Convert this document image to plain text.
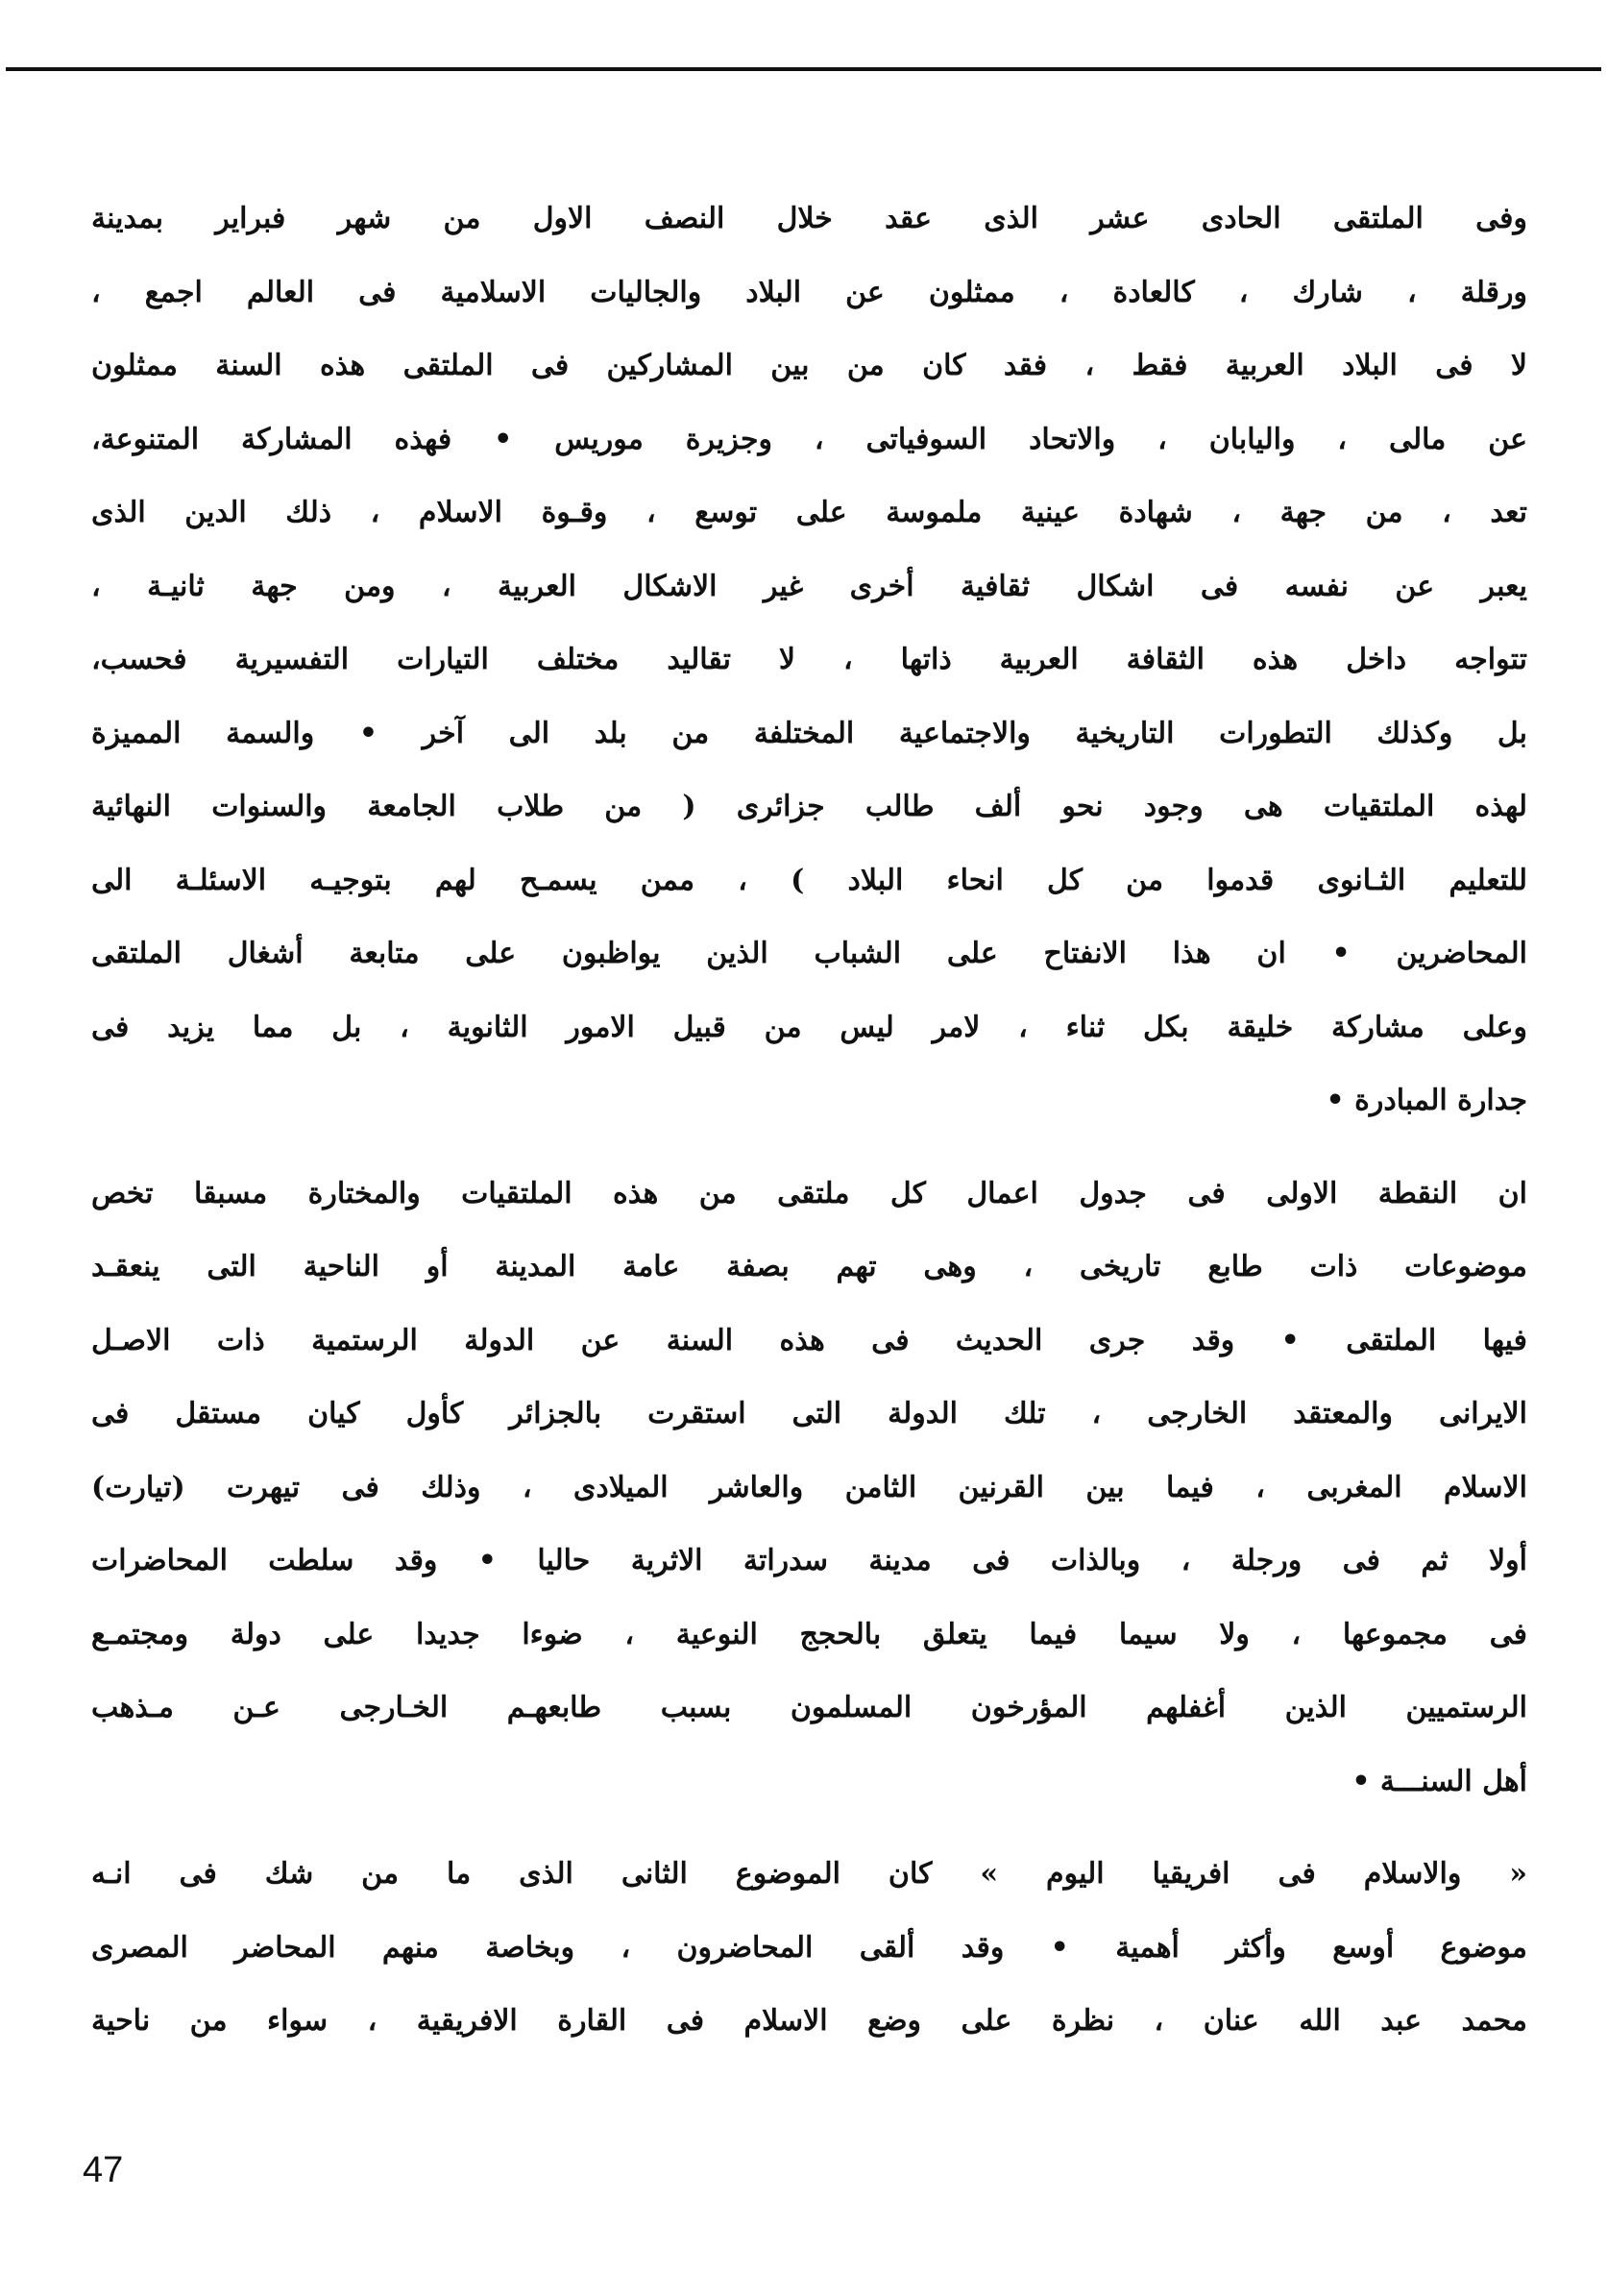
وفى الملتقى الحادى عشر الذى عقد خلال النصف الاول من شهر فبراير بمدينة
ورقلة ، شارك ، كالعادة ، ممثلون عن البلاد والجاليات الاسلامية فى العالم اجمع ،
لا فى البلاد العربية فقط ، فقد كان من بين المشاركين فى الملتقى هذه السنة ممثلون
عن مالى ، واليابان ، والاتحاد السوفياتى ، وجزيرة موريس • فهذه المشاركة المتنوعة،
تعد ، من جهة ، شهادة عينية ملموسة على توسع ، وقـوة الاسلام ، ذلك الدين الذى
يعبر عن نفسه فى اشكال ثقافية أخرى غير الاشكال العربية ، ومن جهة ثانيـة ،
تتواجه داخل هذه الثقافة العربية ذاتها ، لا تقاليد مختلف التيارات التفسيرية فحسب،
بل وكذلك التطورات التاريخية والاجتماعية المختلفة من بلد الى آخر • والسمة المميزة
لهذه الملتقيات هى وجود نحو ألف طالب جزائرى ( من طلاب الجامعة والسنوات النهائية
للتعليم الثـانوى قدموا من كل انحاء البلاد ) ، ممن يسمـح لهم بتوجيـه الاسئلـة الى
المحاضرين • ان هذا الانفتاح على الشباب الذين يواظبون على متابعة أشغال الملتقى
وعلى مشاركة خليقة بكل ثناء ، لامر ليس من قبيل الامور الثانوية ، بل مما يزيد فى
جدارة المبادرة •
ان النقطة الاولى فى جدول اعمال كل ملتقى من هذه الملتقيات والمختارة مسبقا تخص
موضوعات ذات طابع تاريخى ، وهى تهم بصفة عامة المدينة أو الناحية التى ينعقـد
فيها الملتقى • وقد جرى الحديث فى هذه السنة عن الدولة الرستمية ذات الاصـل
الايرانى والمعتقد الخارجى ، تلك الدولة التى استقرت بالجزائر كأول كيان مستقل فى
الاسلام المغربى ، فيما بين القرنين الثامن والعاشر الميلادى ، وذلك فى تيهرت (تيارت)
أولا ثم فى ورجلة ، وبالذات فى مدينة سدراتة الاثرية حاليا • وقد سلطت المحاضرات
فى مجموعها ، ولا سيما فيما يتعلق بالحجج النوعية ، ضوءا جديدا على دولة ومجتمـع
الرستميين الذين أغفلهم المؤرخون المسلمون بسبب طابعهـم الخـارجى عـن مـذهب
أهل السنـــة •
« والاسلام فى افريقيا اليوم » كان الموضوع الثانى الذى ما من شك فى انـه
موضوع أوسع وأكثر أهمية • وقد ألقى المحاضرون ، وبخاصة منهم المحاضر المصرى
محمد عبد الله عنان ، نظرة على وضع الاسلام فى القارة الافريقية ، سواء من ناحية
47
